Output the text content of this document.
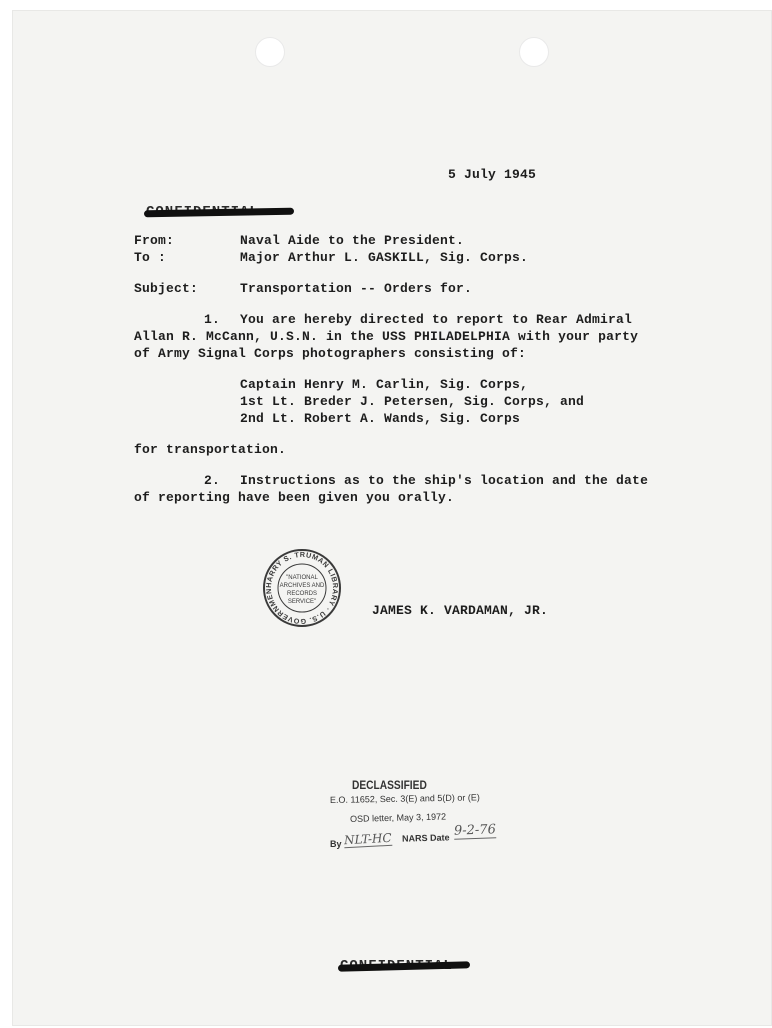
5 July 1945
From:	Naval Aide to the President.
To :	Major Arthur L. GASKILL, Sig. Corps.
Subject:	Transportation -- Orders for.
1. You are hereby directed to report to Rear Admiral
Allan R. McCann, U.S.N. in the USS PHILADELPHIA with your party
of Army Signal Corps photographers consisting of:
Captain Henry M. Carlin, Sig. Corps,
1st Lt. Breder J. Petersen, Sig. Corps, and
2nd Lt. Robert A. Wands, Sig. Corps
for transportation.
2. Instructions as to the ship's location and the date
of reporting have been given you orally.
HARRY S. TRUMAN LIBRARY · U.S. GOVERNMEN
"NATIONAL
ARCHIVES AND
RECORDS
SERVICE"
JAMES K. VARDAMAN, JR.
DECLASSIFIED
E.O. 11652, Sec. 3(E) and 5(D) or (E)
OSD letter, May 3, 1972
By NLT-HC NARS Date 9-2-76
